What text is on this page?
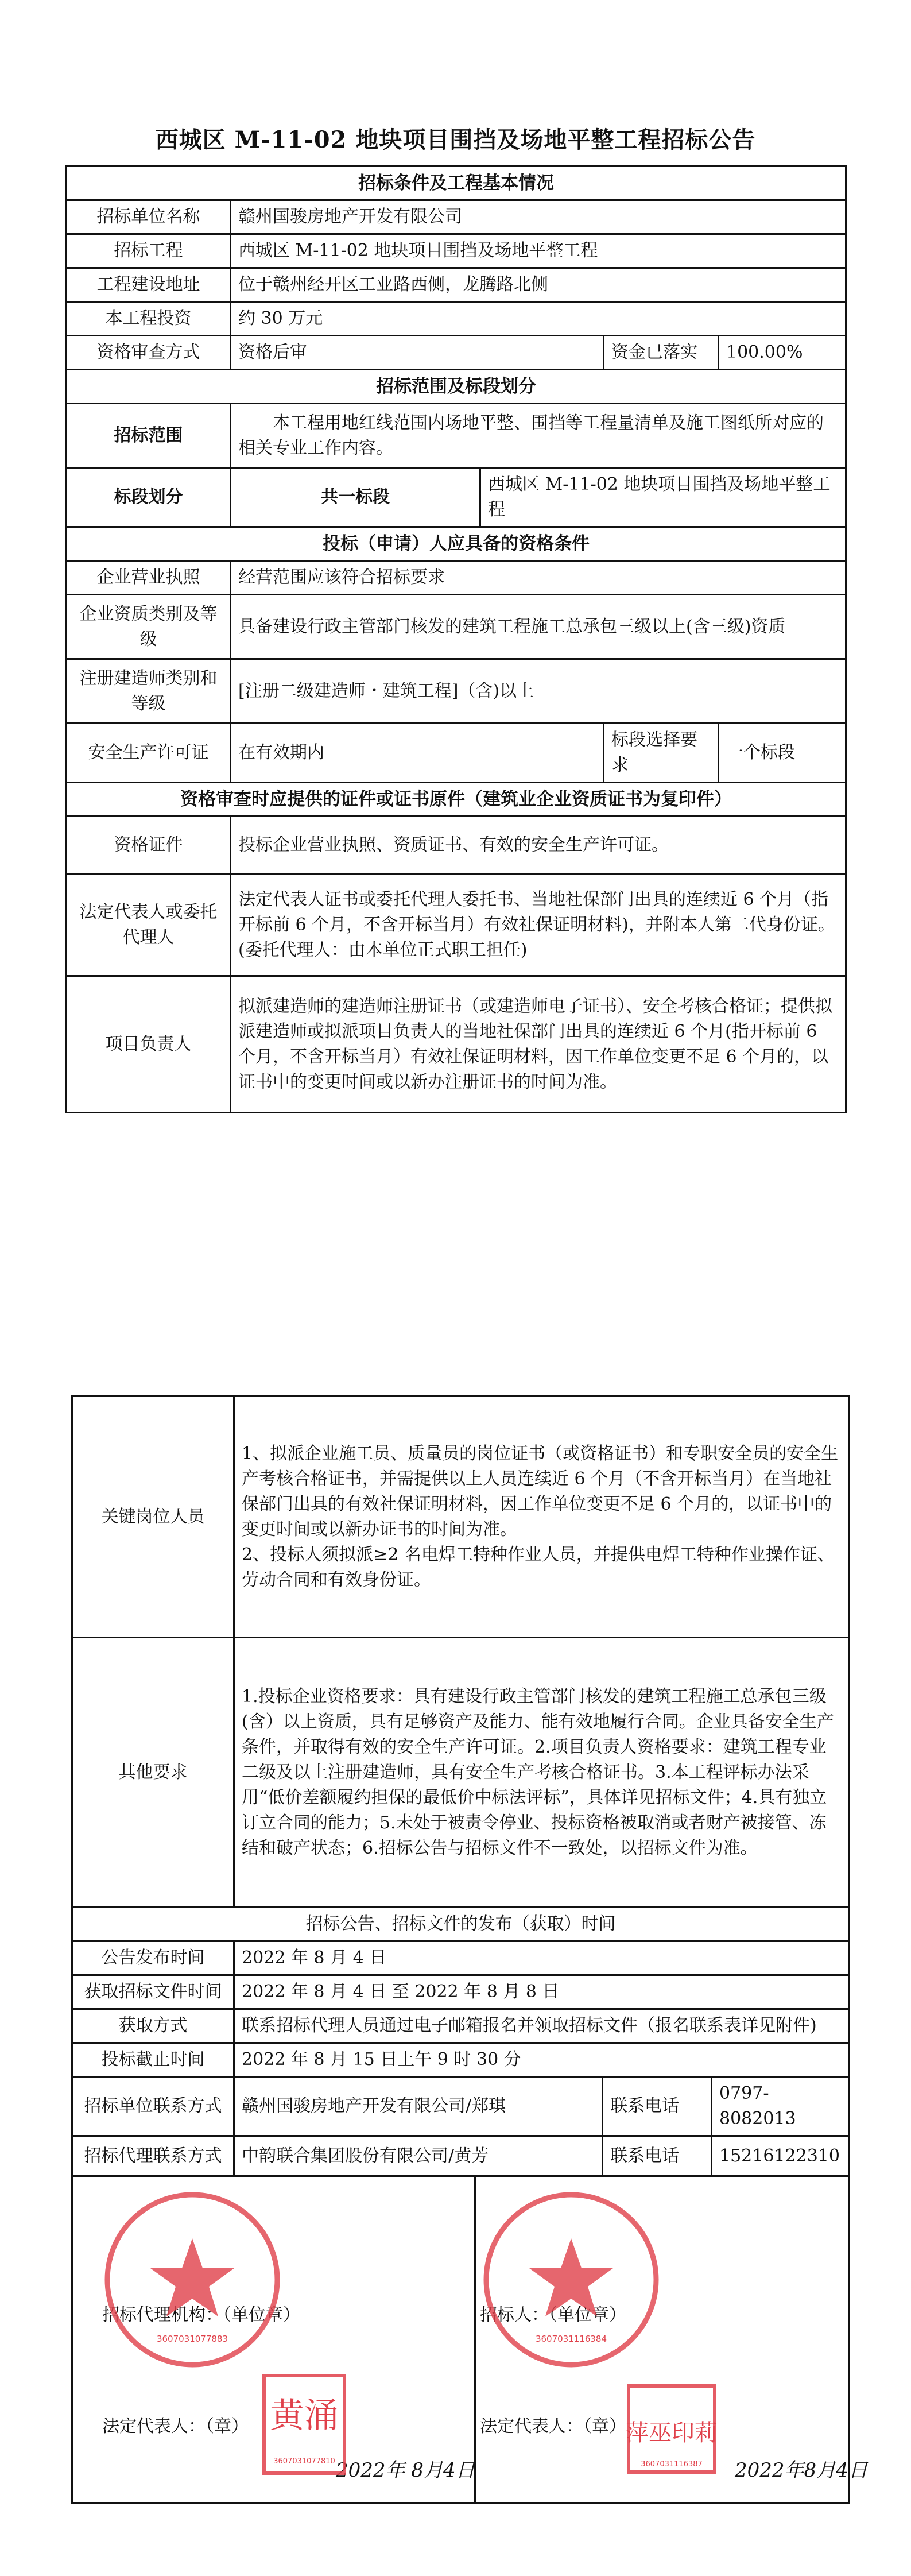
西城区 M-11-02 地块项目围挡及场地平整工程招标公告
招标条件及工程基本情况				
招标单位名称	赣州国骏房地产开发有限公司			
招标工程	西城区 M-11-02 地块项目围挡及场地平整工程			
工程建设地址	位于赣州经开区工业路西侧，龙腾路北侧			
本工程投资	约 30 万元			
资格审查方式	资格后审		资金已落实	100.00%
招标范围及标段划分				
招标范围	本工程用地红线范围内场地平整、围挡等工程量清单及施工图纸所对应的相关专业工作内容。			
标段划分	共一标段	西城区 M-11-02 地块项目围挡及场地平整工程		
投标（申请）人应具备的资格条件				
企业营业执照	经营范围应该符合招标要求			
企业资质类别及等级	具备建设行政主管部门核发的建筑工程施工总承包三级以上(含三级)资质			
注册建造师类别和等级	[注册二级建造师・建筑工程]（含)以上			
安全生产许可证	在有效期内		标段选择要求	一个标段
资格审查时应提供的证件或证书原件（建筑业企业资质证书为复印件）				
资格证件	投标企业营业执照、资质证书、有效的安全生产许可证。			
法定代表人或委托代理人	法定代表人证书或委托代理人委托书、当地社保部门出具的连续近 6 个月（指开标前 6 个月，不含开标当月）有效社保证明材料)，并附本人第二代身份证。(委托代理人：由本单位正式职工担任)			
项目负责人	拟派建造师的建造师注册证书（或建造师电子证书）、安全考核合格证；提供拟派建造师或拟派项目负责人的当地社保部门出具的连续近 6 个月(指开标前 6 个月，不含开标当月）有效社保证明材料，因工作单位变更不足 6 个月的，以证书中的变更时间或以新办注册证书的时间为准。			
关键岗位人员	1、拟派企业施工员、质量员的岗位证书（或资格证书）和专职安全员的安全生产考核合格证书，并需提供以上人员连续近 6 个月（不含开标当月）在当地社保部门出具的有效社保证明材料，因工作单位变更不足 6 个月的，以证书中的变更时间或以新办证书的时间为准。
2、投标人须拟派≥2 名电焊工特种作业人员，并提供电焊工特种作业操作证、劳动合同和有效身份证。			

其他要求	1.投标企业资格要求：具有建设行政主管部门核发的建筑工程施工总承包三级(含）以上资质，具有足够资产及能力、能有效地履行合同。企业具备安全生产条件，并取得有效的安全生产许可证。2.项目负责人资格要求：建筑工程专业二级及以上注册建造师，具有安全生产考核合格证书。3.本工程评标办法采用“低价差额履约担保的最低价中标法评标”，具体详见招标文件；4.具有独立订立合同的能力；5.未处于被责令停业、投标资格被取消或者财产被接管、冻结和破产状态；6.招标公告与招标文件不一致处，以招标文件为准。			
招标公告、招标文件的发布（获取）时间				
公告发布时间	2022 年 8 月 4 日			
获取招标文件时间	2022 年 8 月 4 日 至 2022 年 8 月 8 日			
获取方式	联系招标代理人员通过电子邮箱报名并领取招标文件（报名联系表详见附件)			
投标截止时间	2022 年 8 月 15 日上午 9 时 30 分			
招标单位联系方式	赣州国骏房地产开发有限公司/郑琪		联系电话	0797-8082013
招标代理联系方式	中韵联合集团股份有限公司/黄芳		联系电话	15216122310

招标代理机构：（单位章）
法定代表人：（章）
2022年 8月4日
招标人：（单位章）
法定代表人：（章）
2022年8月4日
3607031077883
黄涌
3607031077810
3607031116384
萍巫印莉
3607031116387
